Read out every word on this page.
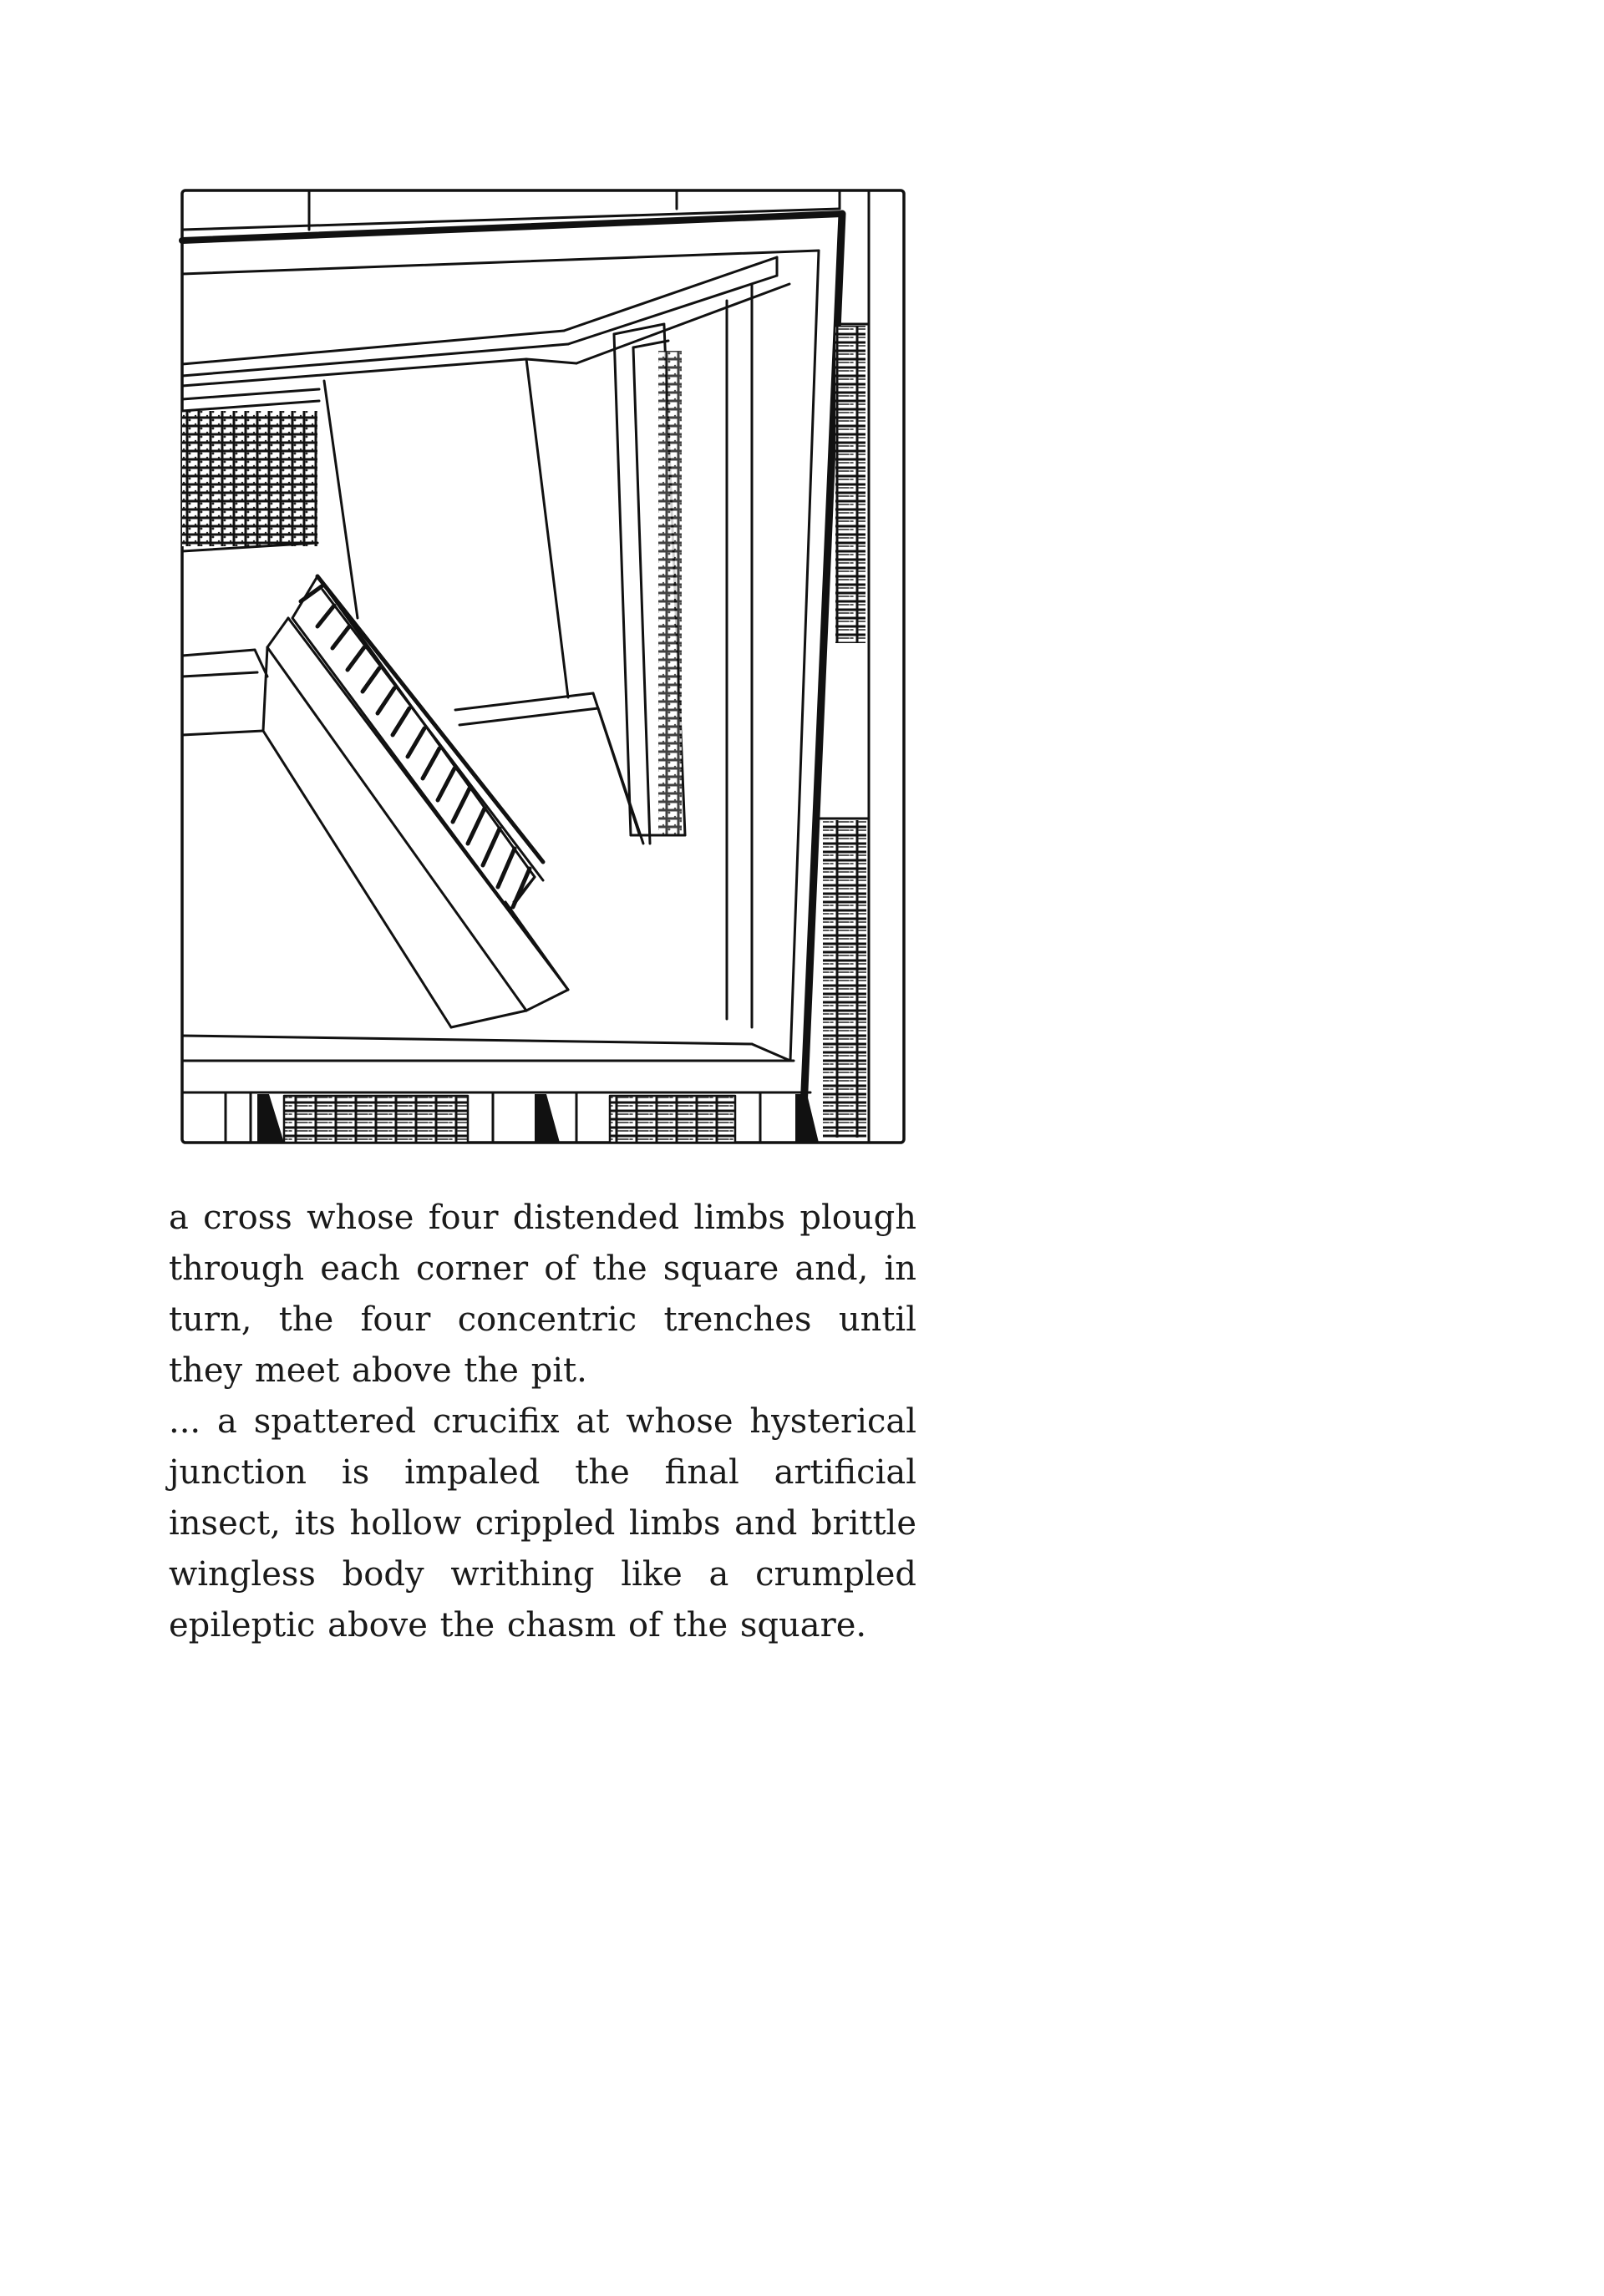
a cross whose four distended limbs plough through each corner of the square and, in turn, the four concentric trenches until they meet above the pit.

... a spattered crucifix at whose hysterical junction is impaled the final artificial insect, its hollow crippled limbs and brittle wingless body writhing like a crumpled epileptic above the chasm of the square.
